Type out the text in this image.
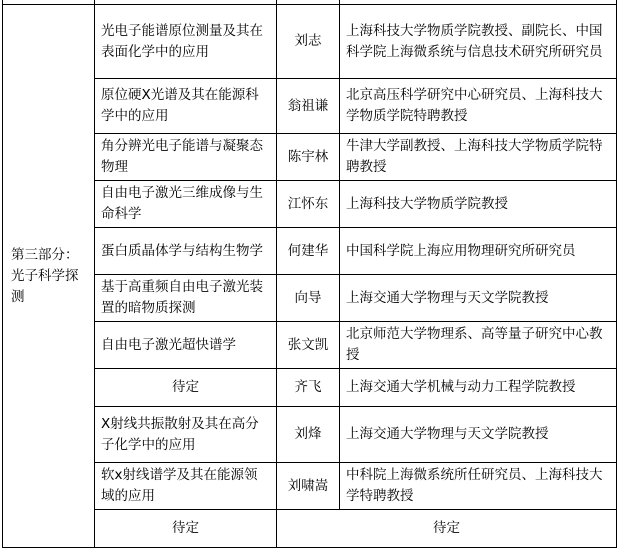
第三部分：
光子科学探测	光电子能谱原位测量及其在表面化学中的应用	刘志	上海科技大学物质学院教授、副院长、中国科学院上海微系统与信息技术研究所研究员
	原位硬X光谱及其在能源科学中的应用	翁祖谦	北京高压科学研究中心研究员、上海科技大学物质学院特聘教授
	角分辨光电子能谱与凝聚态物理	陈宇林	牛津大学副教授、上海科技大学物质学院特聘教授
	自由电子激光三维成像与生命科学	江怀东	上海科技大学物质学院教授
	蛋白质晶体学与结构生物学	何建华	中国科学院上海应用物理研究所研究员
	基于高重频自由电子激光装置的暗物质探测	向导	上海交通大学物理与天文学院教授
	自由电子激光超快谱学	张文凯	北京师范大学物理系、高等量子研究中心教授
	待定	齐飞	上海交通大学机械与动力工程学院教授
	X射线共振散射及其在高分子化学中的应用	刘烽	上海交通大学物理与天文学院教授
	软x射线谱学及其在能源领域的应用	刘啸嵩	中科院上海微系统所任研究员、上海科技大学特聘教授
	待定	待定	
